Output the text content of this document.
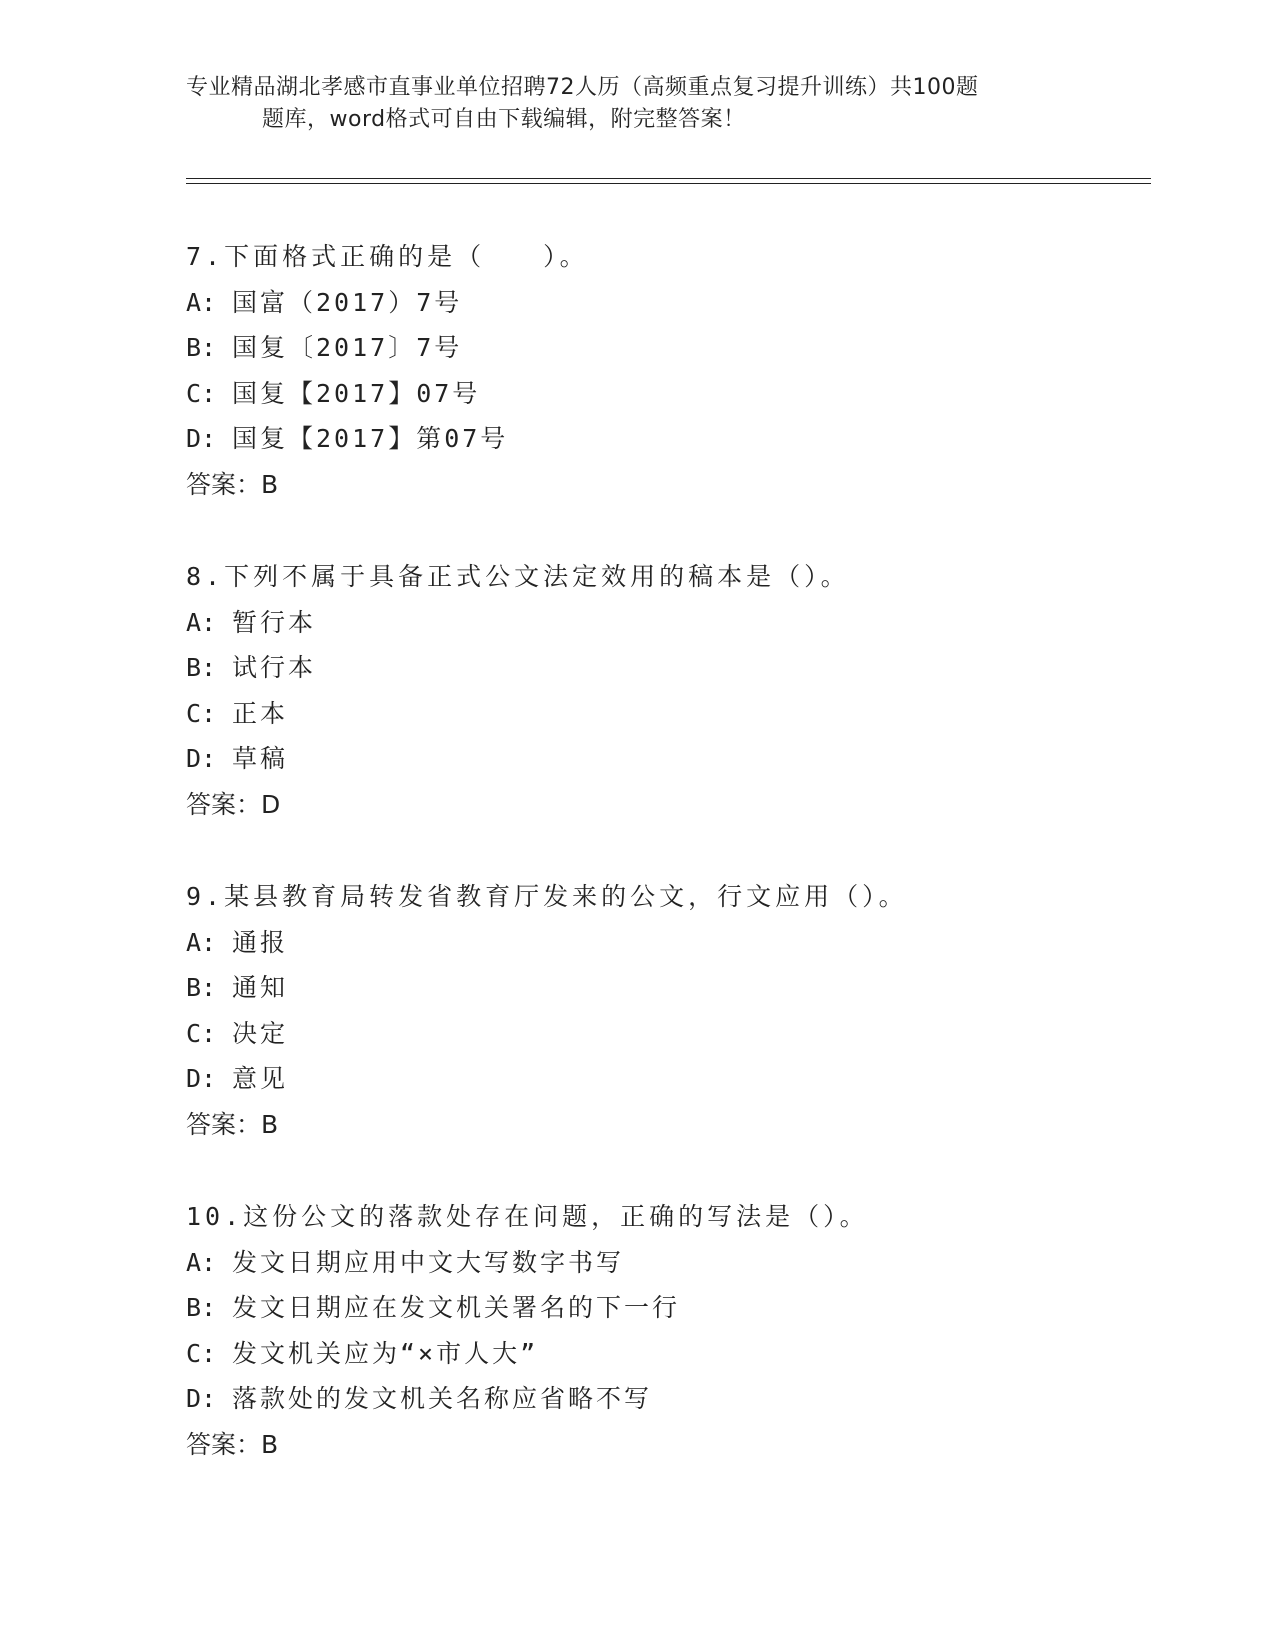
专业精品湖北孝感市直事业单位招聘72人历（高频重点复习提升训练）共100题
题库，word格式可自由下载编辑，附完整答案！
7.下面格式正确的是（　　）。
A: 国富（2017）7号
B: 国复〔2017〕7号
C: 国复【2017】07号
D: 国复【2017】第07号
答案：B
8.下列不属于具备正式公文法定效用的稿本是（）。
A: 暂行本
B: 试行本
C: 正本
D: 草稿
答案：D
9.某县教育局转发省教育厅发来的公文，行文应用（）。
A: 通报
B: 通知
C: 决定
D: 意见
答案：B
10.这份公文的落款处存在问题，正确的写法是（）。
A: 发文日期应用中文大写数字书写
B: 发文日期应在发文机关署名的下一行
C: 发文机关应为“×市人大”
D: 落款处的发文机关名称应省略不写
答案：B
